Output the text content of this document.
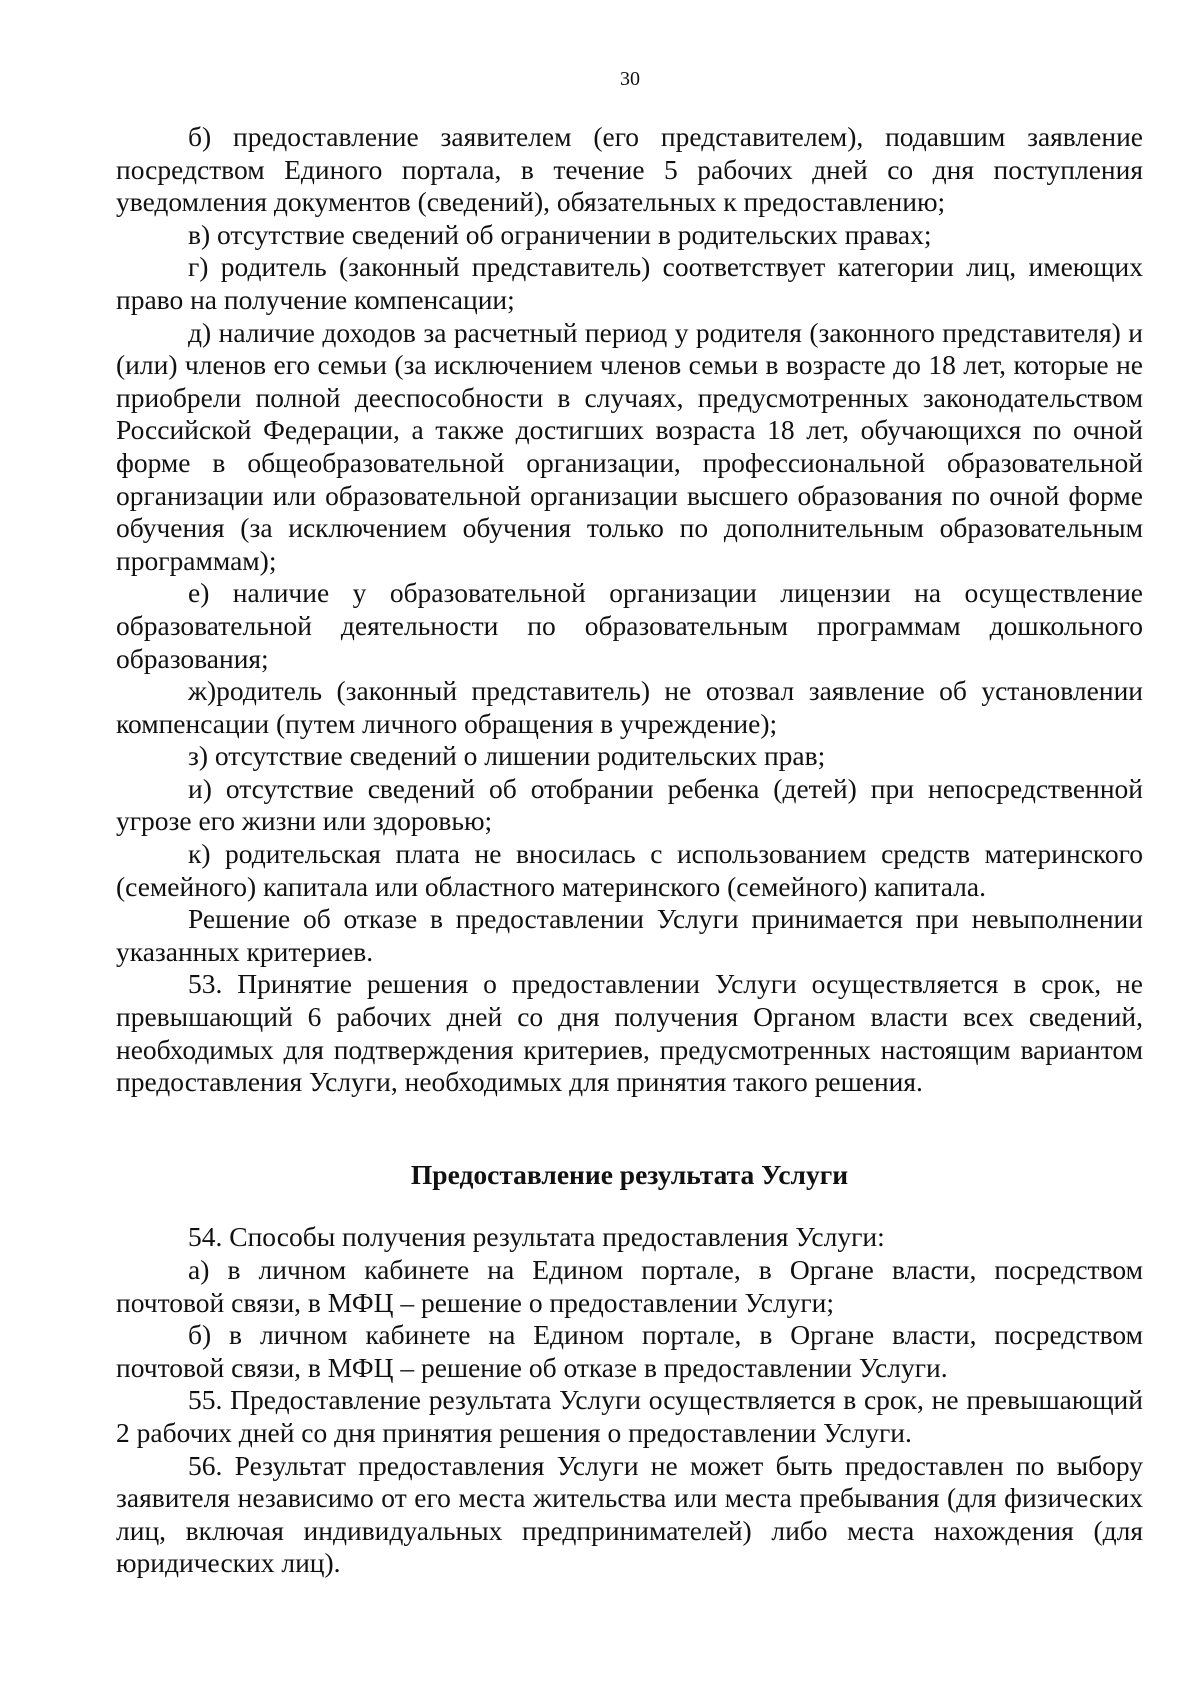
30

б) предоставление заявителем (его представителем), подавшим заявление посредством Единого портала, в течение 5 рабочих дней со дня поступления уведомления документов (сведений), обязательных к предоставлению;

в) отсутствие сведений об ограничении в родительских правах;

г) родитель (законный представитель) соответствует категории лиц, имеющих право на получение компенсации;

д) наличие доходов за расчетный период у родителя (законного представителя) и (или) членов его семьи (за исключением членов семьи в возрасте до 18 лет, которые не приобрели полной дееспособности в случаях, предусмотренных законодательством Российской Федерации, а также достигших возраста 18 лет, обучающихся по очной форме в общеобразовательной организации, профессиональной образовательной организации или образовательной организации высшего образования по очной форме обучения (за исключением обучения только по дополнительным образовательным программам);

е) наличие у образовательной организации лицензии на осуществление образовательной деятельности по образовательным программам дошкольного образования;

ж)родитель (законный представитель) не отозвал заявление об установлении компенсации (путем личного обращения в учреждение);

з) отсутствие сведений о лишении родительских прав;

и) отсутствие сведений об отобрании ребенка (детей) при непосредственной угрозе его жизни или здоровью;

к) родительская плата не вносилась с использованием средств материнского (семейного) капитала или областного материнского (семейного) капитала.

Решение об отказе в предоставлении Услуги принимается при невыполнении указанных критериев.

53. Принятие решения о предоставлении Услуги осуществляется в срок, не превышающий 6 рабочих дней со дня получения Органом власти всех сведений, необходимых для подтверждения критериев, предусмотренных настоящим вариантом предоставления Услуги, необходимых для принятия такого решения.

Предоставление результата Услуги

54. Способы получения результата предоставления Услуги:

а) в личном кабинете на Едином портале, в Органе власти, посредством почтовой связи, в МФЦ – решение о предоставлении Услуги;

б) в личном кабинете на Едином портале, в Органе власти, посредством почтовой связи, в МФЦ – решение об отказе в предоставлении Услуги.

55. Предоставление результата Услуги осуществляется в срок, не превышающий 2 рабочих дней со дня принятия решения о предоставлении Услуги.

56. Результат предоставления Услуги не может быть предоставлен по выбору заявителя независимо от его места жительства или места пребывания (для физических лиц, включая индивидуальных предпринимателей) либо места нахождения (для юридических лиц).
